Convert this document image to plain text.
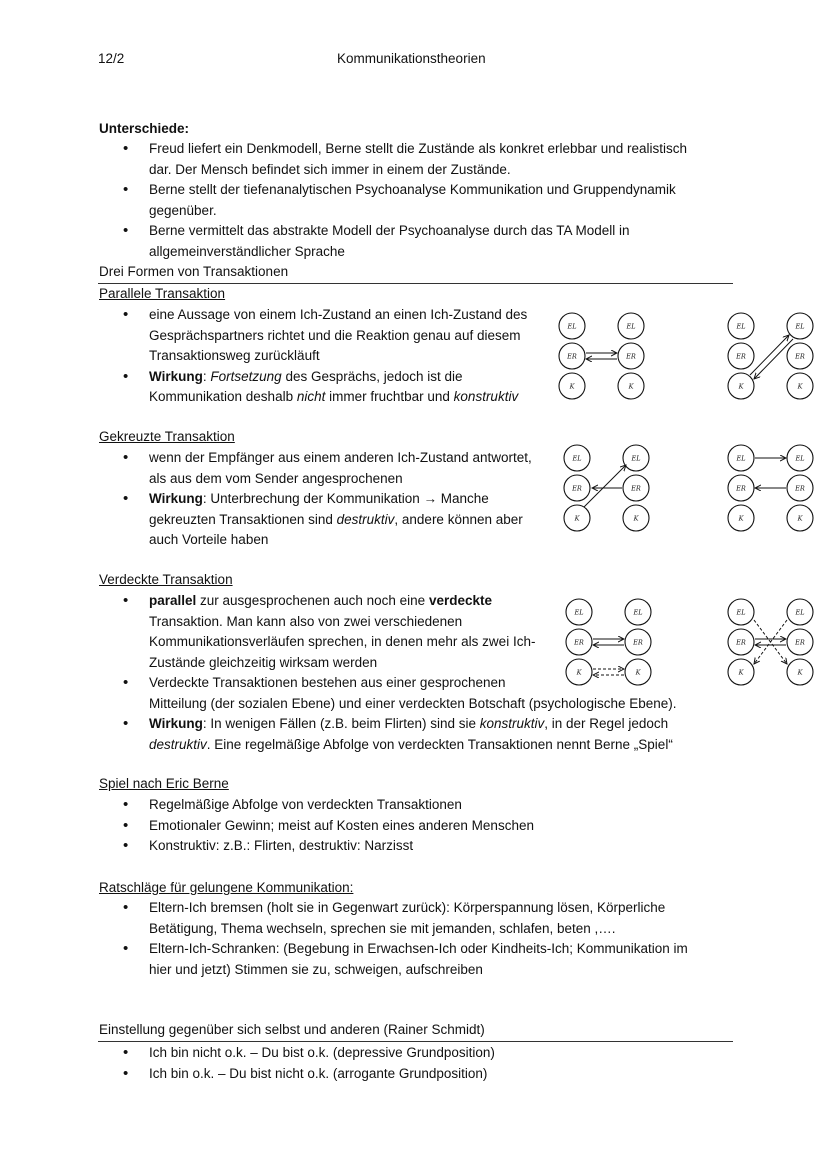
12/2	Kommunikationstheorien
Unterschiede:
• Freud liefert ein Denkmodell, Berne stellt die Zustände als konkret erlebbar und realistisch
dar. Der Mensch befindet sich immer in einem der Zustände.
• Berne stellt der tiefenanalytischen Psychoanalyse Kommunikation und Gruppendynamik
gegenüber.
• Berne vermittelt das abstrakte Modell der Psychoanalyse durch das TA Modell in
allgemeinverständlicher Sprache
Drei Formen von Transaktionen
Parallele Transaktion
• eine Aussage von einem Ich-Zustand an einen Ich-Zustand des
Gesprächspartners richtet und die Reaktion genau auf diesem
Transaktionsweg zurückläuft
• Wirkung: Fortsetzung des Gesprächs, jedoch ist die
Kommunikation deshalb nicht immer fruchtbar und konstruktiv
Gekreuzte Transaktion
• wenn der Empfänger aus einem anderen Ich-Zustand antwortet,
als aus dem vom Sender angesprochenen
• Wirkung: Unterbrechung der Kommunikation → Manche
gekreuzten Transaktionen sind destruktiv, andere können aber
auch Vorteile haben
Verdeckte Transaktion
• parallel zur ausgesprochenen auch noch eine verdeckte
Transaktion. Man kann also von zwei verschiedenen
Kommunikationsverläufen sprechen, in denen mehr als zwei Ich-
Zustände gleichzeitig wirksam werden
• Verdeckte Transaktionen bestehen aus einer gesprochenen
Mitteilung (der sozialen Ebene) und einer verdeckten Botschaft (psychologische Ebene).
• Wirkung: In wenigen Fällen (z.B. beim Flirten) sind sie konstruktiv, in der Regel jedoch
destruktiv. Eine regelmäßige Abfolge von verdeckten Transaktionen nennt Berne „Spiel“
Spiel nach Eric Berne
• Regelmäßige Abfolge von verdeckten Transaktionen
• Emotionaler Gewinn; meist auf Kosten eines anderen Menschen
• Konstruktiv: z.B.: Flirten, destruktiv: Narzisst
Ratschläge für gelungene Kommunikation:
• Eltern-Ich bremsen (holt sie in Gegenwart zurück): Körperspannung lösen, Körperliche
Betätigung, Thema wechseln, sprechen sie mit jemanden, schlafen, beten ,….
• Eltern-Ich-Schranken: (Begebung in Erwachsen-Ich oder Kindheits-Ich; Kommunikation im
hier und jetzt) Stimmen sie zu, schweigen, aufschreiben
Einstellung gegenüber sich selbst und anderen (Rainer Schmidt)
• Ich bin nicht o.k. – Du bist o.k. (depressive Grundposition)
• Ich bin o.k. – Du bist nicht o.k. (arrogante Grundposition)
EL
ER
K
EL
ER
K
EL
ER
K
EL
ER
K
EL
ER
K
EL
ER
K
EL
ER
K
EL
ER
K
EL
ER
K
EL
ER
K
EL
ER
K
EL
ER
K
